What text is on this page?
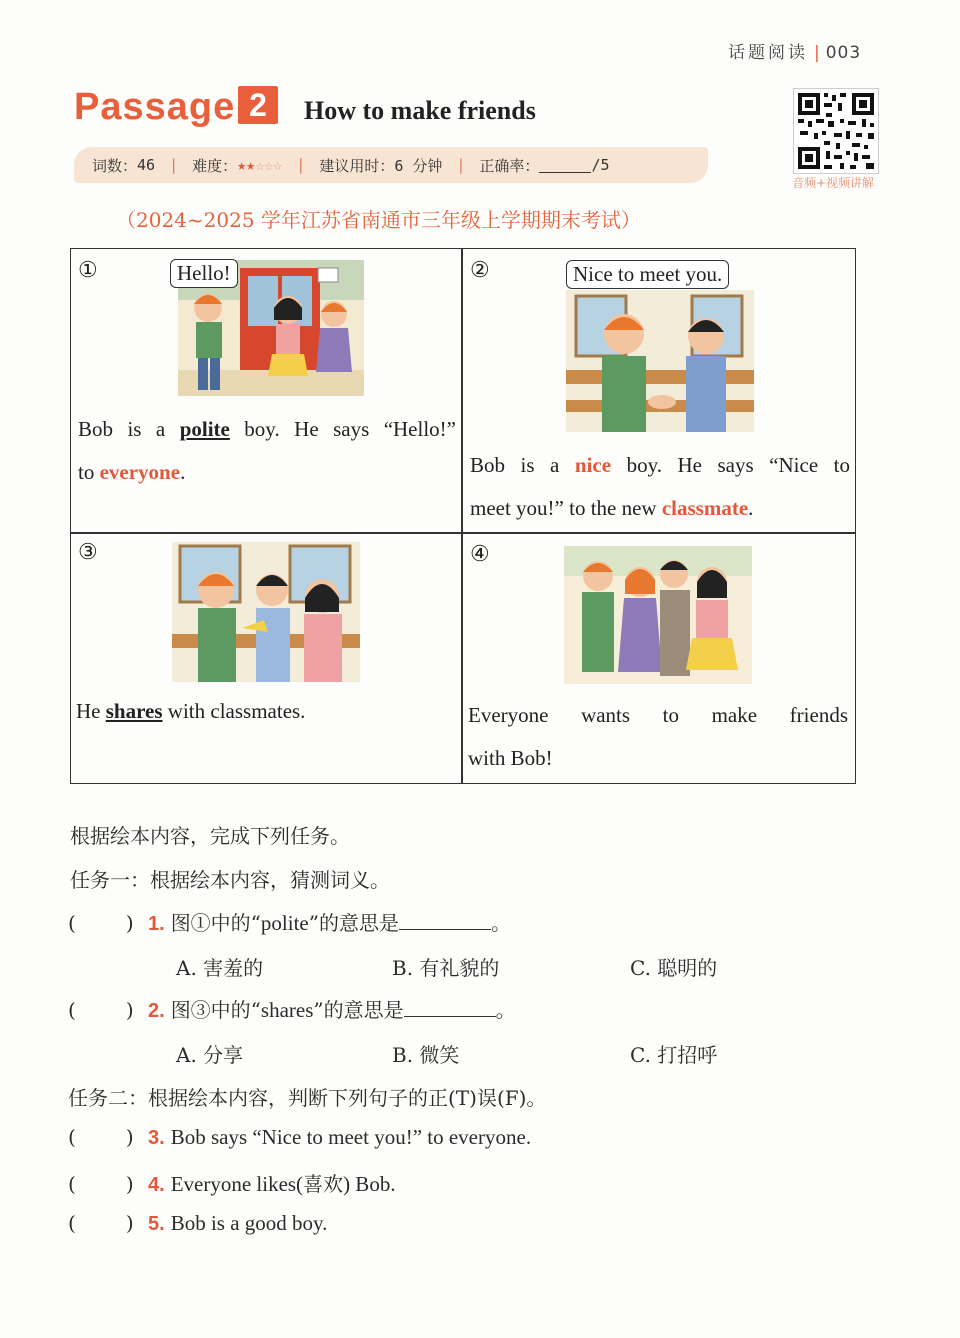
话题阅读 | 003
Passage 2	How to make friends
音频+视频讲解
词数： 46 | 难度： ★★☆☆☆ | 建议用时： 6 分钟 | 正确率：	/5
（2024~2025 学年江苏省南通市三年级上学期期末考试）
①	Hello!
Bob is a polite boy. He says “Hello!”
to everyone.
②	Nice to meet you.
Bob is a nice boy. He says “Nice to
meet you!” to the new classmate.
③
He shares with classmates.
④
Everyone wants to make friends
with Bob!
根据绘本内容，完成下列任务。
任务一：根据绘本内容，猜测词义。
(	) 1. 图①中的“polite”的意思是	。
A. 害羞的	B. 有礼貌的	C. 聪明的
(	) 2. 图③中的“shares”的意思是	。
A. 分享	B. 微笑	C. 打招呼
任务二：根据绘本内容，判断下列句子的正(T)误(F)。
(	) 3. Bob says “Nice to meet you!” to everyone.
(	) 4. Everyone likes(喜欢) Bob.
(	) 5. Bob is a good boy.
